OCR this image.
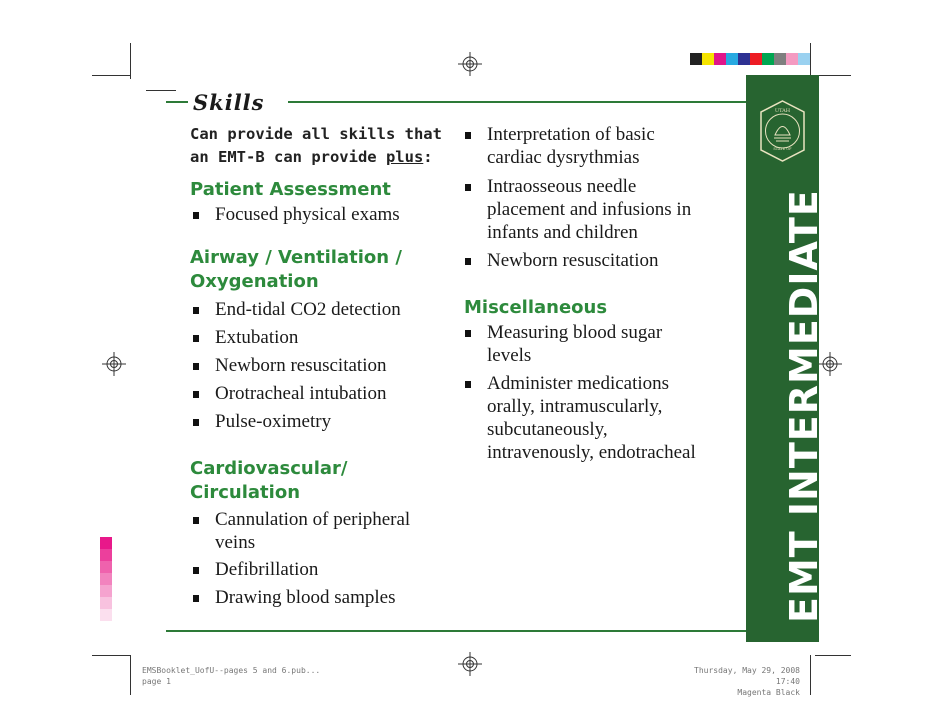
UTAH
STATE OF
EMT INTERMEDIATE
Skills
Can provide all skills that
an EMT-B can provide plus:
Patient Assessment
Focused physical exams
Airway / Ventilation /
Oxygenation
End-tidal CO2 detection
Extubation
Newborn resuscitation
Orotracheal intubation
Pulse-oximetry
Cardiovascular/
Circulation
Cannulation of peripheral
veins
Defibrillation
Drawing blood samples
Interpretation of basic
cardiac dysrythmias
Intraosseous needle
placement and infusions in
infants and children
Newborn resuscitation
Miscellaneous
Measuring blood sugar
levels
Administer medications
orally, intramuscularly,
subcutaneously,
intravenously, endotracheal
EMSBooklet_UofU--pages 5 and 6.pub...
page 1
Thursday, May 29, 2008 17:40
Magenta Black
